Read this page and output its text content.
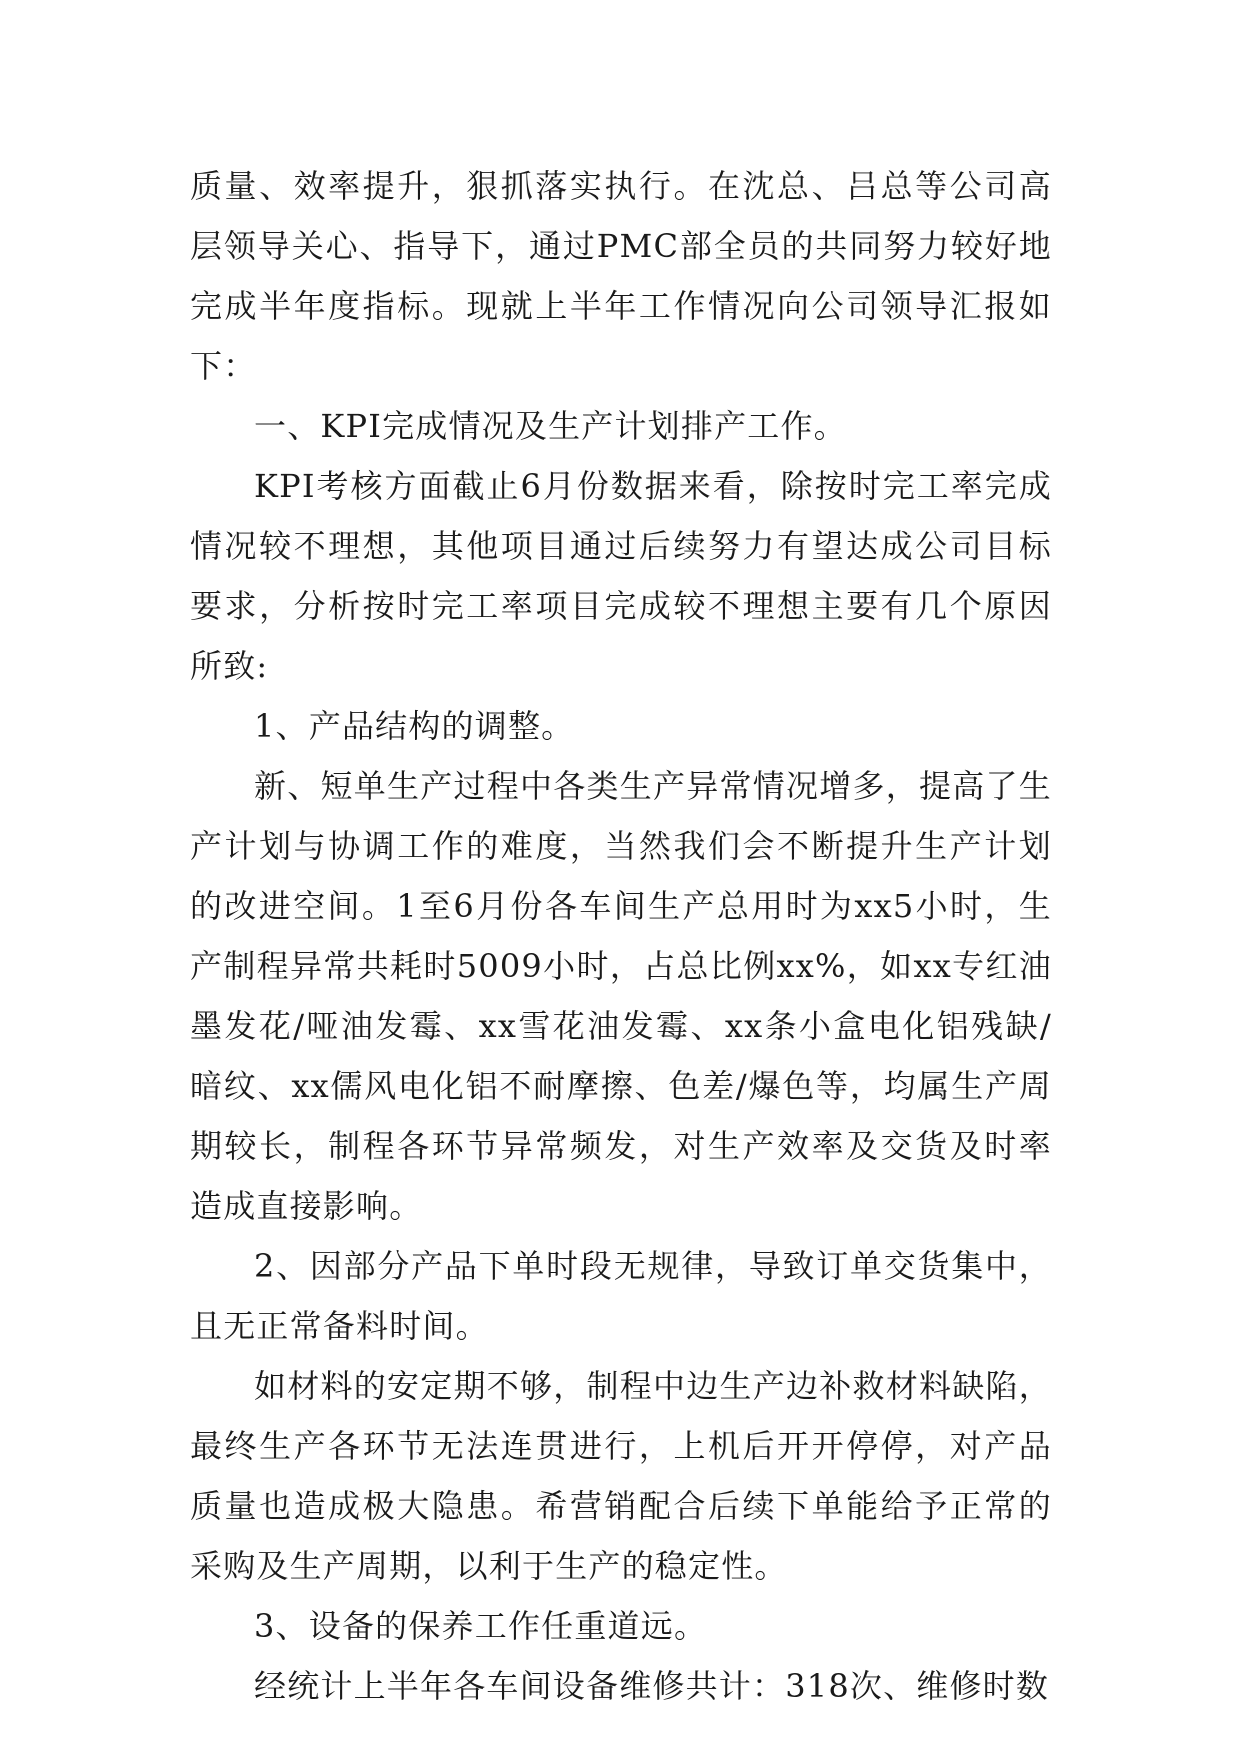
质量、效率提升，狠抓落实执行。在沈总、吕总等公司高层领导关心、指导下，通过PMC部全员的共同努力较好地完成半年度指标。现就上半年工作情况向公司领导汇报如下：

一、KPI完成情况及生产计划排产工作。

KPI考核方面截止6月份数据来看，除按时完工率完成情况较不理想，其他项目通过后续努力有望达成公司目标要求，分析按时完工率项目完成较不理想主要有几个原因所致:

1、产品结构的调整。

新、短单生产过程中各类生产异常情况增多，提高了生产计划与协调工作的难度，当然我们会不断提升生产计划的改进空间。1至6月份各车间生产总用时为xx5小时，生产制程异常共耗时5009小时，占总比例xx%，如xx专红油墨发花/哑油发霉、xx雪花油发霉、xx条小盒电化铝残缺/暗纹、xx儒风电化铝不耐摩擦、色差/爆色等，均属生产周期较长，制程各环节异常频发，对生产效率及交货及时率造成直接影响。

2、因部分产品下单时段无规律，导致订单交货集中，且无正常备料时间。

如材料的安定期不够，制程中边生产边补救材料缺陷，最终生产各环节无法连贯进行，上机后开开停停，对产品质量也造成极大隐患。希营销配合后续下单能给予正常的采购及生产周期，以利于生产的稳定性。

3、设备的保养工作任重道远。

经统计上半年各车间设备维修共计：318次、维修时数
